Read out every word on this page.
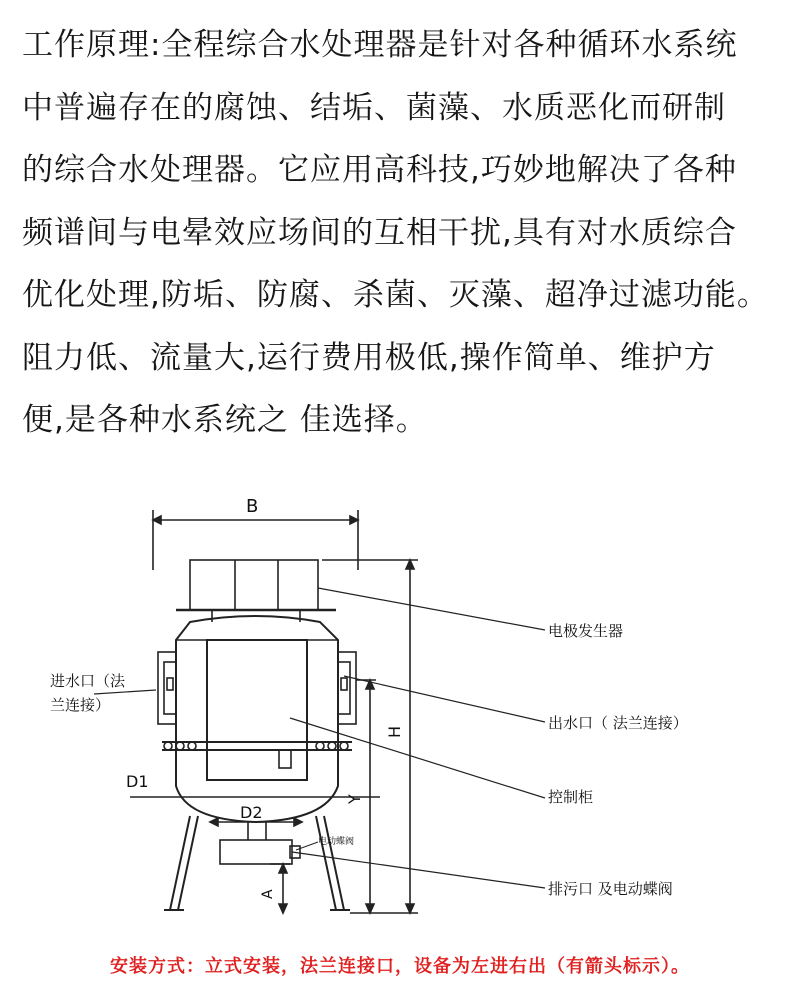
工作原理:全程综合水处理器是针对各种循环水系统
中普遍存在的腐蚀、结垢、菌藻、水质恶化而研制
的综合水处理器。它应用高科技,巧妙地解决了各种
频谱间与电晕效应场间的互相干扰,具有对水质综合
优化处理,防垢、防腐、杀菌、灭藻、超净过滤功能。
阻力低、流量大,运行费用极低,操作简单、维护方
便,是各种水系统之 佳选择。
B
D1
D2
H
Y
A
电极发生器
进水口（法
兰连接）
出水口（ 法兰连接）
控制柜
排污口 及电动蝶阀
电动蝶阀
安装方式：立式安装，法兰连接口，设备为左进右出（有箭头标示）。
